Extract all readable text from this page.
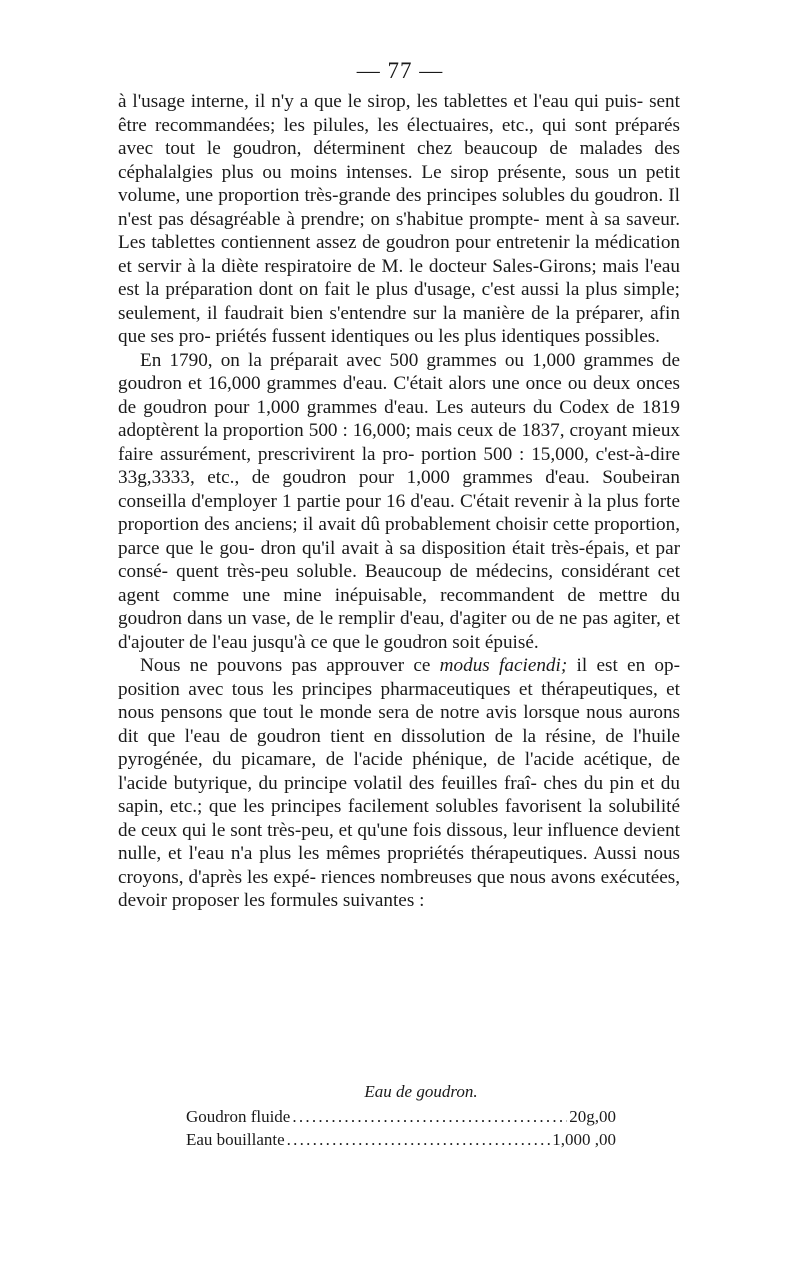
— 77 —

à l'usage interne, il n'y a que le sirop, les tablettes et l'eau qui puis- sent être recommandées; les pilules, les électuaires, etc., qui sont préparés avec tout le goudron, déterminent chez beaucoup de malades des céphalalgies plus ou moins intenses. Le sirop présente, sous un petit volume, une proportion très-grande des principes solubles du goudron. Il n'est pas désagréable à prendre; on s'habitue prompte- ment à sa saveur. Les tablettes contiennent assez de goudron pour entretenir la médication et servir à la diète respiratoire de M. le docteur Sales-Girons; mais l'eau est la préparation dont on fait le plus d'usage, c'est aussi la plus simple; seulement, il faudrait bien s'entendre sur la manière de la préparer, afin que ses pro- priétés fussent identiques ou les plus identiques possibles.

En 1790, on la préparait avec 500 grammes ou 1,000 grammes de goudron et 16,000 grammes d'eau. C'était alors une once ou deux onces de goudron pour 1,000 grammes d'eau. Les auteurs du Codex de 1819 adoptèrent la proportion 500 : 16,000; mais ceux de 1837, croyant mieux faire assurément, prescrivirent la pro- portion 500 : 15,000, c'est-à-dire 33g,3333, etc., de goudron pour 1,000 grammes d'eau. Soubeiran conseilla d'employer 1 partie pour 16 d'eau. C'était revenir à la plus forte proportion des anciens; il avait dû probablement choisir cette proportion, parce que le gou- dron qu'il avait à sa disposition était très-épais, et par consé- quent très-peu soluble. Beaucoup de médecins, considérant cet agent comme une mine inépuisable, recommandent de mettre du goudron dans un vase, de le remplir d'eau, d'agiter ou de ne pas agiter, et d'ajouter de l'eau jusqu'à ce que le goudron soit épuisé.

Nous ne pouvons pas approuver ce modus faciendi; il est en op- position avec tous les principes pharmaceutiques et thérapeutiques, et nous pensons que tout le monde sera de notre avis lorsque nous aurons dit que l'eau de goudron tient en dissolution de la résine, de l'huile pyrogénée, du picamare, de l'acide phénique, de l'acide acétique, de l'acide butyrique, du principe volatil des feuilles fraî- ches du pin et du sapin, etc.; que les principes facilement solubles favorisent la solubilité de ceux qui le sont très-peu, et qu'une fois dissous, leur influence devient nulle, et l'eau n'a plus les mêmes propriétés thérapeutiques. Aussi nous croyons, d'après les expé- riences nombreuses que nous avons exécutées, devoir proposer les formules suivantes :

Eau de goudron.
Goudron fluide . . .	20g,00
Eau bouillante . . .	1,000 ,00
